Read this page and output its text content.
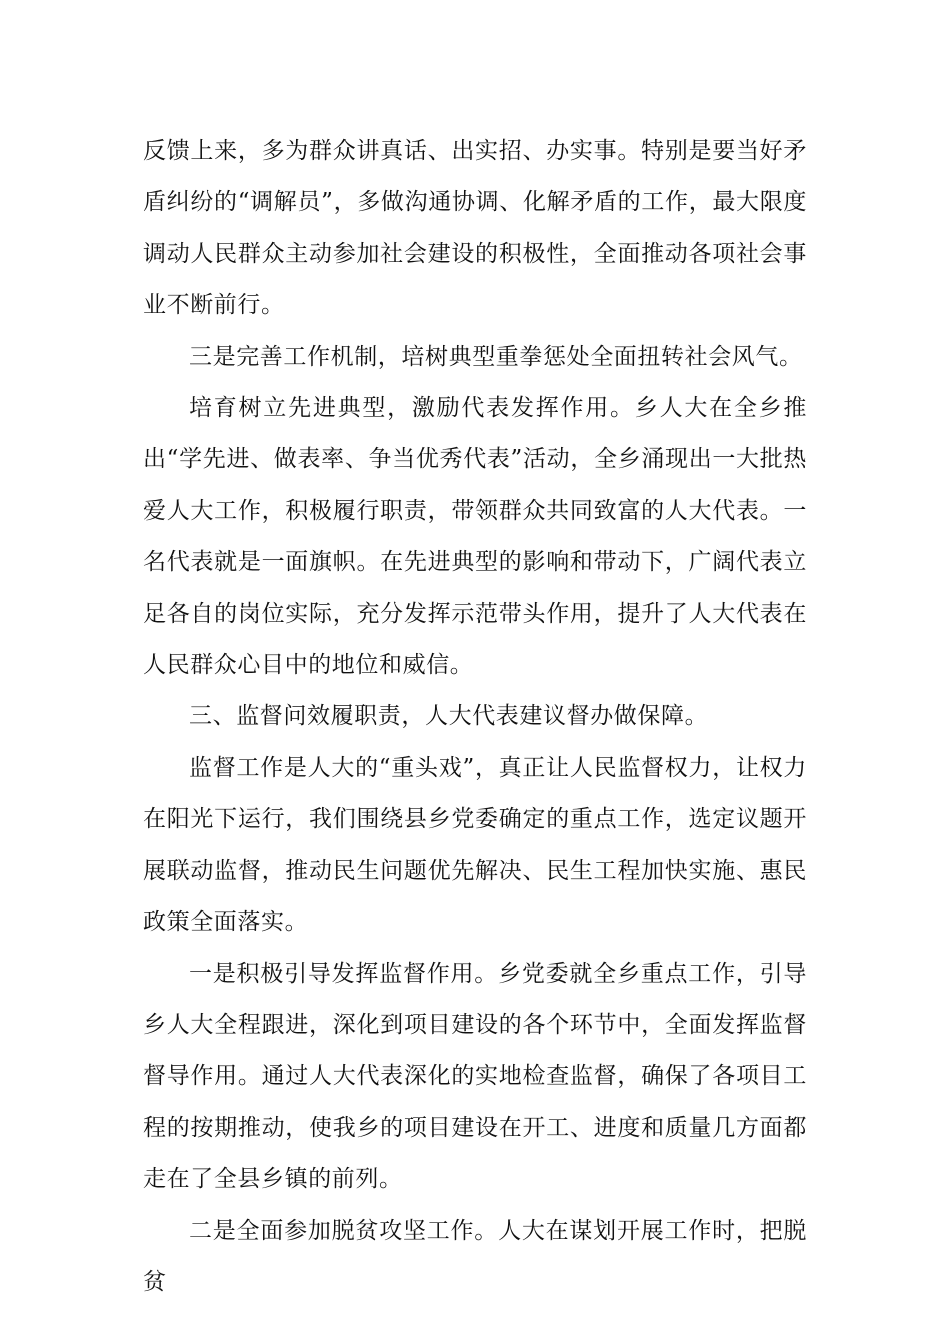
反馈上来，多为群众讲真话、出实招、办实事。特别是要当好矛盾纠纷的“调解员”，多做沟通协调、化解矛盾的工作，最大限度调动人民群众主动参加社会建设的积极性，全面推动各项社会事业不断前行。

三是完善工作机制，培树典型重拳惩处全面扭转社会风气。

培育树立先进典型，激励代表发挥作用。乡人大在全乡推出“学先进、做表率、争当优秀代表”活动，全乡涌现出一大批热爱人大工作，积极履行职责，带领群众共同致富的人大代表。一名代表就是一面旗帜。在先进典型的影响和带动下，广阔代表立足各自的岗位实际，充分发挥示范带头作用，提升了人大代表在人民群众心目中的地位和威信。

三、监督问效履职责，人大代表建议督办做保障。

监督工作是人大的“重头戏”，真正让人民监督权力，让权力在阳光下运行，我们围绕县乡党委确定的重点工作，选定议题开展联动监督，推动民生问题优先解决、民生工程加快实施、惠民政策全面落实。

一是积极引导发挥监督作用。乡党委就全乡重点工作，引导乡人大全程跟进，深化到项目建设的各个环节中，全面发挥监督督导作用。通过人大代表深化的实地检查监督，确保了各项目工程的按期推动，使我乡的项目建设在开工、进度和质量几方面都走在了全县乡镇的前列。

二是全面参加脱贫攻坚工作。人大在谋划开展工作时，把脱贫
